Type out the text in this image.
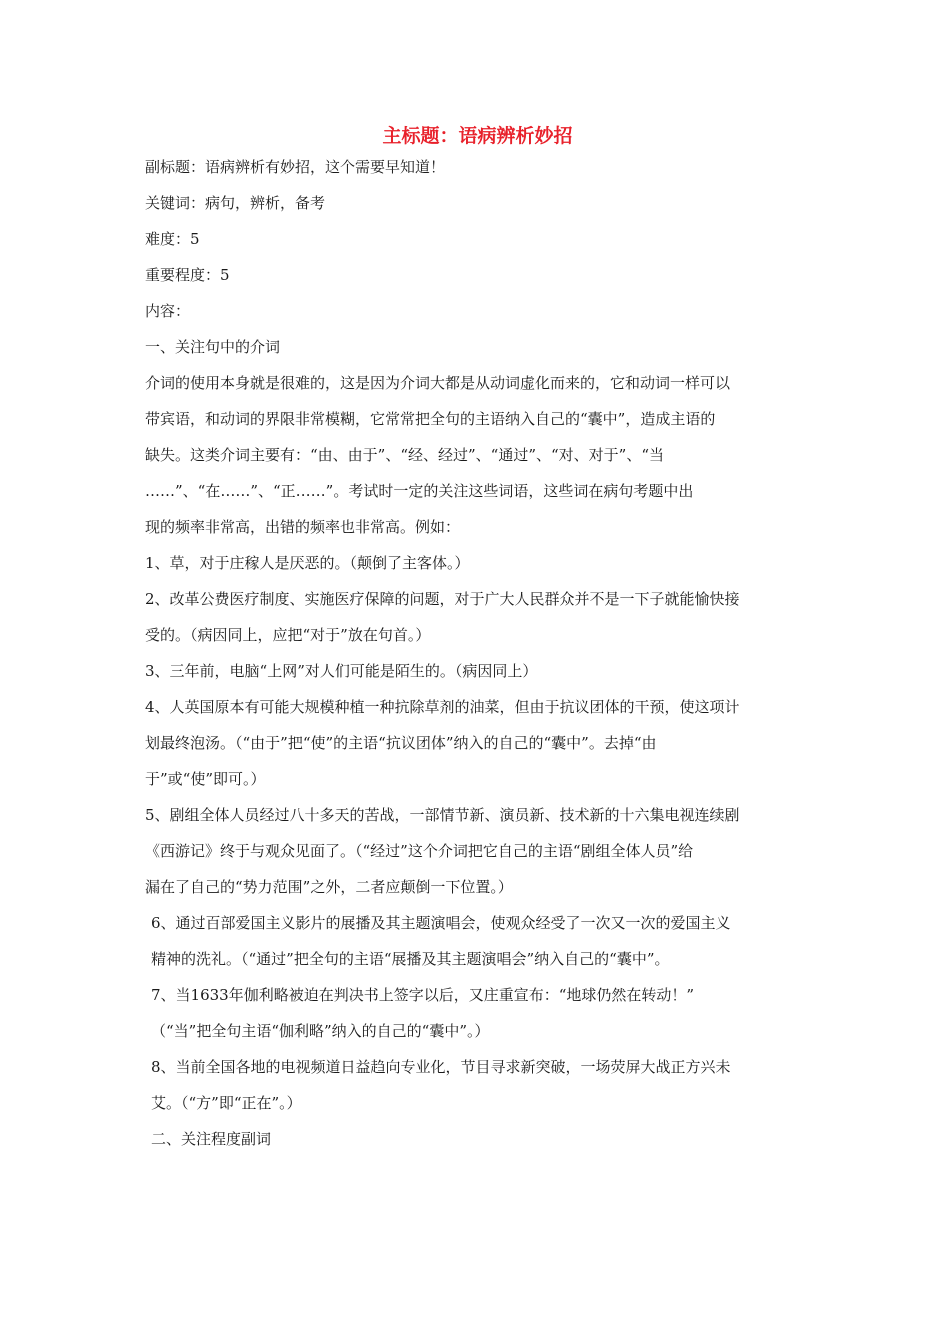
主标题：语病辨析妙招
副标题：语病辨析有妙招，这个需要早知道！
关键词：病句，辨析，备考
难度：5
重要程度：5
内容：
一、关注句中的介词

介词的使用本身就是很难的，这是因为介词大都是从动词虚化而来的，它和动词一样可以
带宾语，和动词的界限非常模糊，它常常把全句的主语纳入自己的“囊中”，造成主语的
缺失。这类介词主要有：“由、由于”、“经、经过”、“通过”、“对、对于”、“当
……”、“在……”、“正……”。考试时一定的关注这些词语，这些词在病句考题中出
现的频率非常高，出错的频率也非常高。例如：

1、草，对于庄稼人是厌恶的。（颠倒了主客体。）

2、改革公费医疗制度、实施医疗保障的问题，对于广大人民群众并不是一下子就能愉快接
受的。（病因同上，应把“对于”放在句首。）

3、三年前，电脑“上网”对人们可能是陌生的。（病因同上）

4、人英国原本有可能大规模种植一种抗除草剂的油菜，但由于抗议团体的干预，使这项计
划最终泡汤。（“由于”把“使”的主语“抗议团体”纳入的自己的“囊中”。去掉“由
于”或“使”即可。）

5、剧组全体人员经过八十多天的苦战，一部情节新、演员新、技术新的十六集电视连续剧
《西游记》终于与观众见面了。（“经过”这个介词把它自己的主语“剧组全体人员”给
漏在了自己的“势力范围”之外，二者应颠倒一下位置。）

6、通过百部爱国主义影片的展播及其主题演唱会，使观众经受了一次又一次的爱国主义
精神的洗礼。（“通过”把全句的主语“展播及其主题演唱会”纳入自己的“囊中”。

7、当1633年伽利略被迫在判决书上签字以后，又庄重宣布：“地球仍然在转动！”
（“当”把全句主语“伽利略”纳入的自己的“囊中”。）

8、当前全国各地的电视频道日益趋向专业化，节目寻求新突破，一场荧屏大战正方兴未
艾。（“方”即“正在”。）

二、关注程度副词
